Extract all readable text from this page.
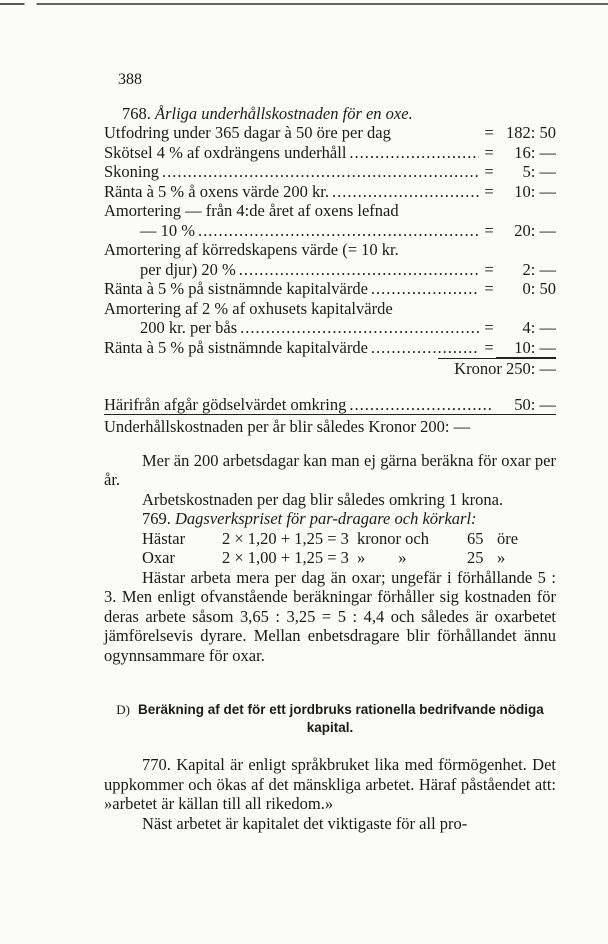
388
768. Årliga underhållskostnaden för en oxe.
Utfodring under 365 dagar à 50 öre per dag	= 182: 50
Skötsel 4 % af oxdrängens underhåll .....	=	16: —
Skoning .....	=	5: —
Ränta à 5 % å oxens värde 200 kr. .....	=	10: —
Amortering — från 4:de året af oxens lefnad
— 10 % .....	=	20: —
Amortering af körredskapens värde (= 10 kr.
per djur) 20 % .....	=	2: —
Ränta à 5 % på sistnämnde kapitalvärde .....	=	0: 50
Amortering af 2 % af oxhusets kapitalvärde
200 kr. per bås .....	=	4: —
Ränta à 5 % på sistnämnde kapitalvärde .....	=	10: —
Kronor 250: —
Härifrån afgår gödselvärdet omkring .....	50: —
Underhållskostnaden per år blir således Kronor 200: —

Mer än 200 arbetsdagar kan man ej gärna beräkna för oxar per år.

Arbetskostnaden per dag blir således omkring 1 krona.

769. Dagsverkspriset för par-dragare och körkarl:
Hästar	2 × 1,20 + 1,25 = 3 kronor och	65 öre
Oxar	2 × 1,00 + 1,25 = 3 »        »	25 »

Hästar arbeta mera per dag än oxar; ungefär i förhållande 5 : 3. Men enligt ofvanstående beräkningar förhåller sig kostnaden för deras arbete såsom 3,65 : 3,25 = 5 : 4,4 och således är oxarbetet jämförelsevis dyrare. Mellan enbetsdragare blir förhållandet ännu ogynnsammare för oxar.

D) Beräkning af det för ett jordbruks rationella bedrifvande nödiga kapital.

770. Kapital är enligt språkbruket lika med förmögenhet. Det uppkommer och ökas af det mänskliga arbetet. Häraf påståendet att: »arbetet är källan till all rikedom.»

Näst arbetet är kapitalet det viktigaste för all pro-
